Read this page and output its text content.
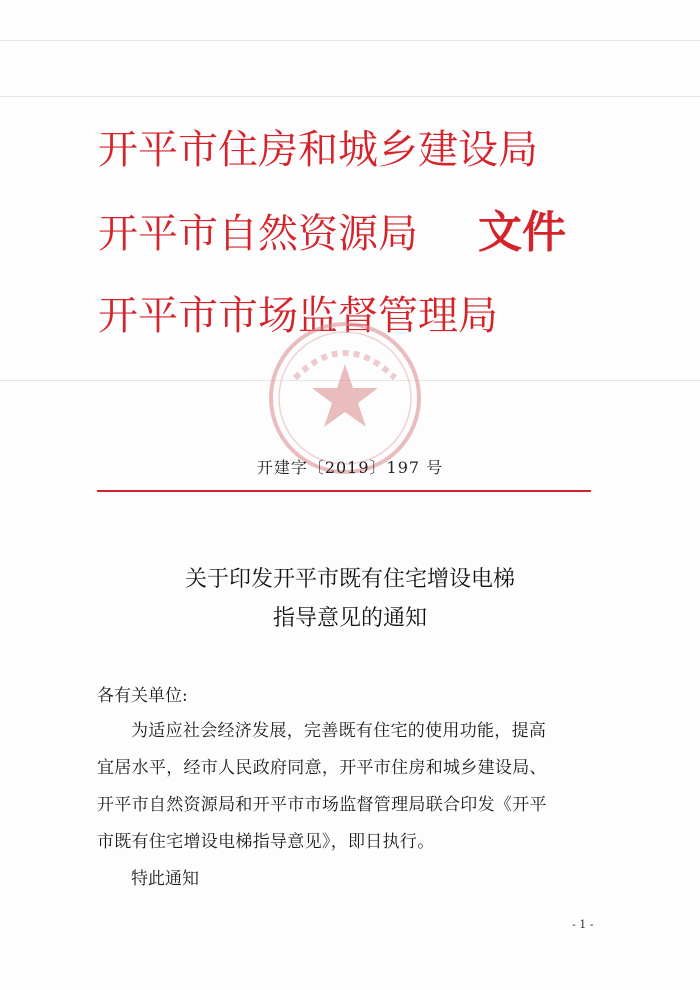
开平市住房和城乡建设局
开平市自然资源局 文件
开平市市场监督管理局
开建字〔2019〕197 号
关于印发开平市既有住宅增设电梯
指导意见的通知
各有关单位:
为适应社会经济发展，完善既有住宅的使用功能，提高
宜居水平，经市人民政府同意，开平市住房和城乡建设局、
开平市自然资源局和开平市市场监督管理局联合印发《开平
市既有住宅增设电梯指导意见》，即日执行。
特此通知
- 1 -
